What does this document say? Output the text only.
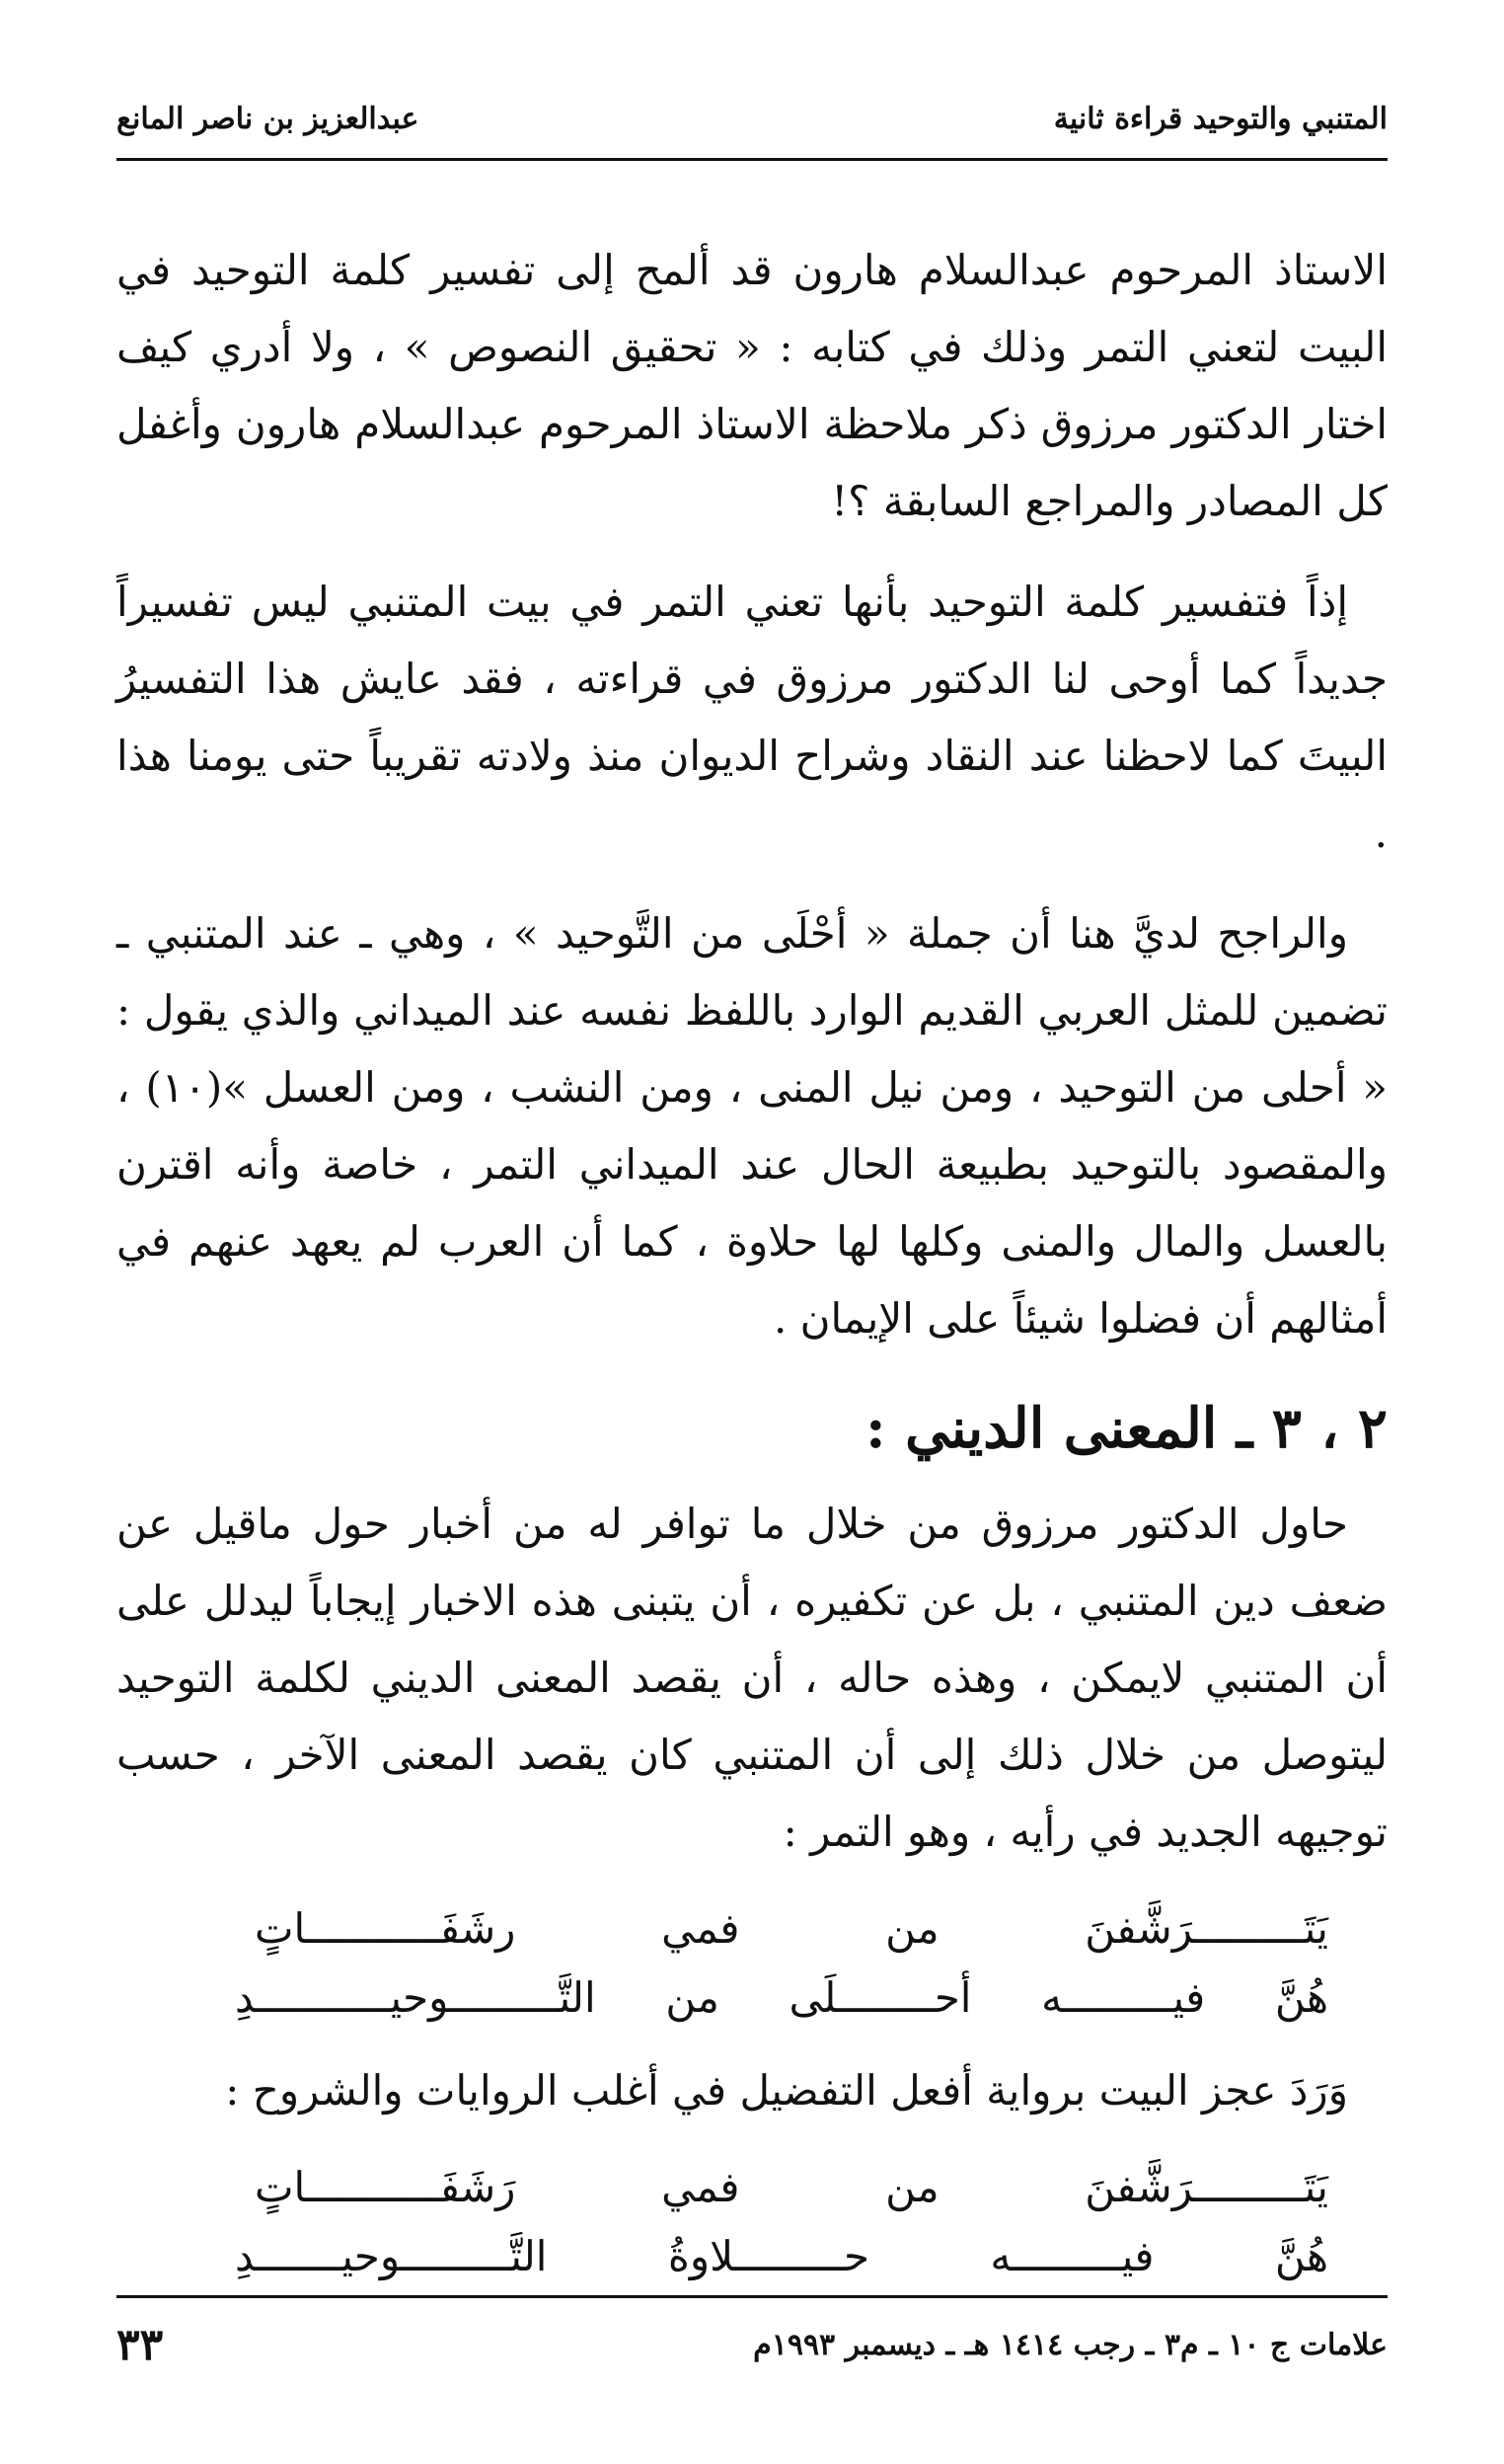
المتنبي والتوحيد قراءة ثانية
عبدالعزيز بن ناصر المانع

الاستاذ المرحوم عبدالسلام هارون قد ألمح إلى تفسير كلمة التوحيد في البيت لتعني التمر وذلك في كتابه : « تحقيق النصوص » ، ولا أدري كيف اختار الدكتور مرزوق ذكر ملاحظة الاستاذ المرحوم عبدالسلام هارون وأغفل كل المصادر والمراجع السابقة ؟!

إذاً فتفسير كلمة التوحيد بأنها تعني التمر في بيت المتنبي ليس تفسيراً جديداً كما أوحى لنا الدكتور مرزوق في قراءته ، فقد عايش هذا التفسيرُ البيتَ كما لاحظنا عند النقاد وشراح الديوان منذ ولادته تقريباً حتى يومنا هذا .

والراجح لديَّ هنا أن جملة « أحْلَى من التَّوحيد » ، وهي ـ عند المتنبي ـ تضمين للمثل العربي القديم الوارد باللفظ نفسه عند الميداني والذي يقول : « أحلى من التوحيد ، ومن نيل المنى ، ومن النشب ، ومن العسل »(١٠) ، والمقصود بالتوحيد بطبيعة الحال عند الميداني التمر ، خاصة وأنه اقترن بالعسل والمال والمنى وكلها لها حلاوة ، كما أن العرب لم يعهد عنهم في أمثالهم أن فضلوا شيئاً على الإيمان .

٢ ، ٣ ـ المعنى الديني :

حاول الدكتور مرزوق من خلال ما توافر له من أخبار حول ماقيل عن ضعف دين المتنبي ، بل عن تكفيره ، أن يتبنى هذه الاخبار إيجاباً ليدلل على أن المتنبي لايمكن ، وهذه حاله ، أن يقصد المعنى الديني لكلمة التوحيد ليتوصل من خلال ذلك إلى أن المتنبي كان يقصد المعنى الآخر ، حسب توجيهه الجديد في رأيه ، وهو التمر :

يَتَـــــــــرَشَّفنَ
من
فمي
رشَفَـــــــــــاتٍ
هُنَّ
فيـــــــــه
أحــــــــلَى
من
التَّـــــــــوحيـــــــــــدِ

وَرَدَ عجز البيت برواية أفعل التفضيل في أغلب الروايات والشروح :

يَتَـــــــــرَشَّفنَ
من
فمي
رَشَفَـــــــــــاتٍ
هُنَّ
فيـــــــــه
حـــــــــلاوةُ
التَّـــــــــوحيـــــــدِ
علامات ج ١٠ ـ م٣ ـ رجب ١٤١٤ هـ ـ ديسمبر ١٩٩٣م
٣٣
